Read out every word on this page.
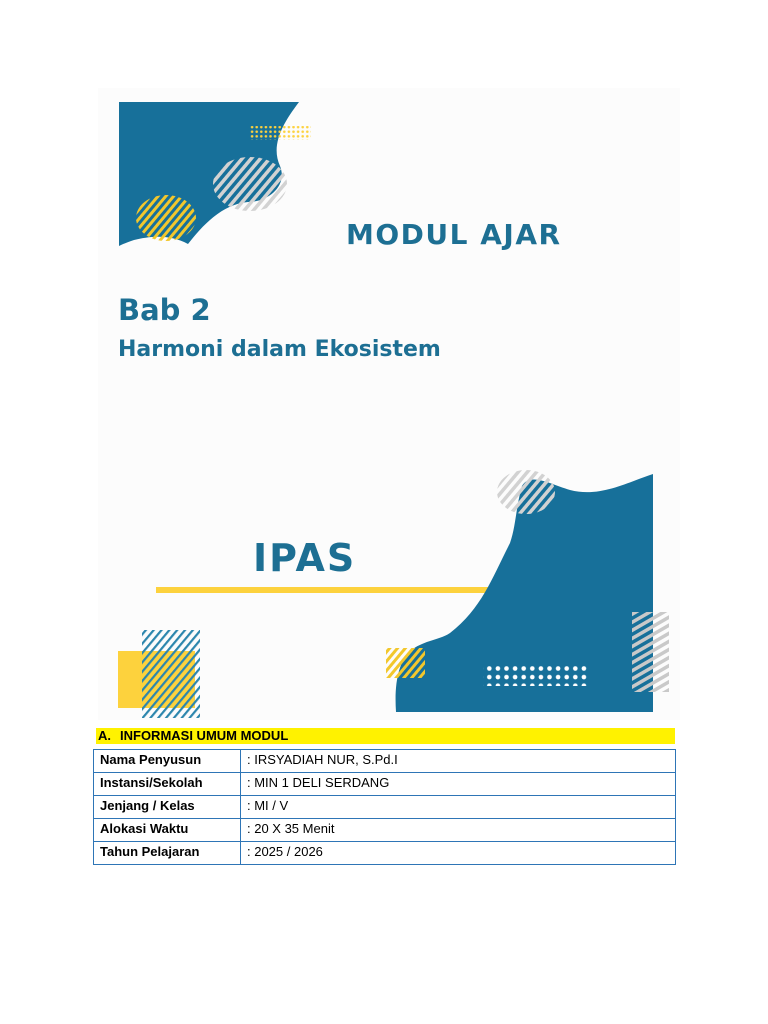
MODUL AJAR
Bab 2
Harmoni dalam Ekosistem
IPAS
A. INFORMASI UMUM MODUL
Nama Penyusun	: IRSYADIAH NUR, S.Pd.I
Instansi/Sekolah	: MIN 1 DELI SERDANG
Jenjang / Kelas	: MI / V
Alokasi Waktu	: 20 X 35 Menit
Tahun Pelajaran	: 2025 / 2026
